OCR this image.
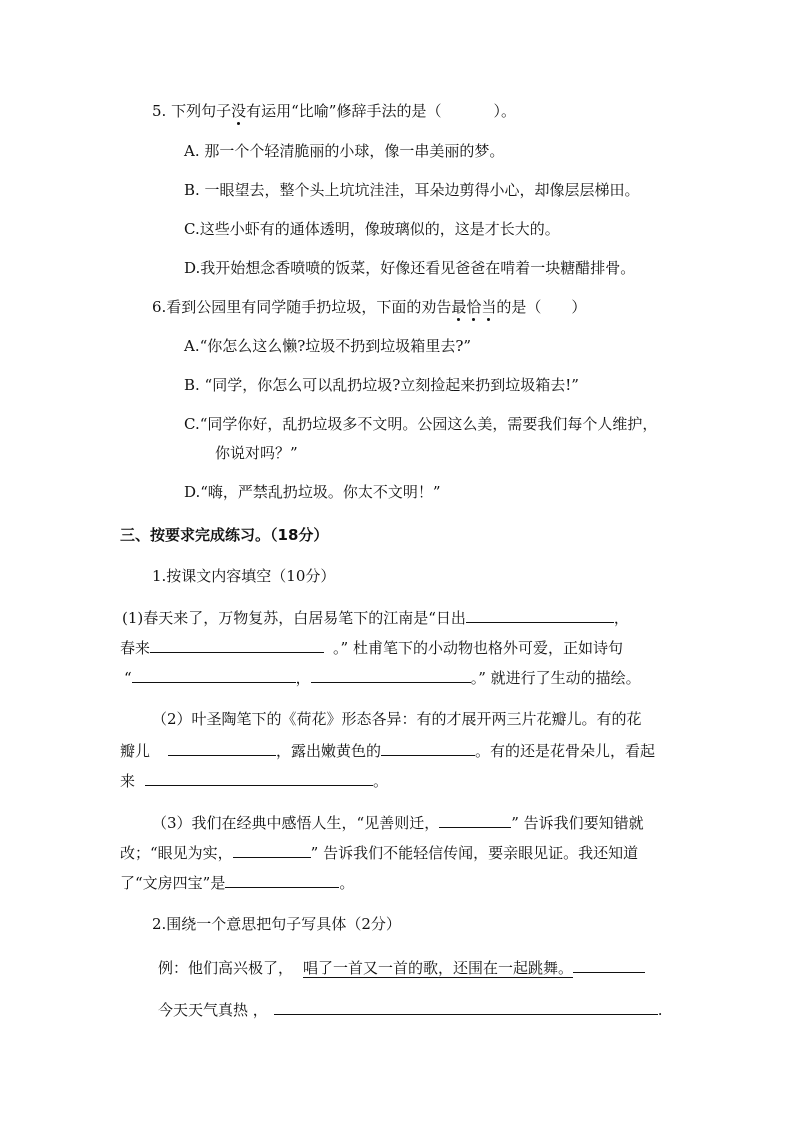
5. 下列句子没有运用“比喻”修辞手法的是（	）。
A. 那一个个轻清脆丽的小球，像一串美丽的梦。
B. 一眼望去，整个头上坑坑洼洼，耳朵边剪得小心，却像层层梯田。
C.这些小虾有的通体透明，像玻璃似的，这是才长大的。
D.我开始想念香喷喷的饭菜，好像还看见爸爸在啃着一块糖醋排骨。
6.看到公园里有同学随手扔垃圾，下面的劝告最恰当的是（ ）
A.“你怎么这么懒?垃圾不扔到垃圾箱里去?”
B. “同学，你怎么可以乱扔垃圾?立刻捡起来扔到垃圾箱去!”
C.“同学你好，乱扔垃圾多不文明。公园这么美，需要我们每个人维护，
你说对吗？”
D.“嗨，严禁乱扔垃圾。你太不文明！”
三、按要求完成练习。（18分）
1.按课文内容填空（10分）
(1)春天来了，万物复苏，白居易笔下的江南是“日出	，
春来	。” 杜甫笔下的小动物也格外可爱，正如诗句
“	，	。” 就进行了生动的描绘。
（2）叶圣陶笔下的《荷花》形态各异：有的才展开两三片花瓣儿。有的花
瓣儿	，露出嫩黄色的	。有的还是花骨朵儿，看起
来	。
（3）我们在经典中感悟人生，“见善则迁，	” 告诉我们要知错就
改；“眼见为实，	” 告诉我们不能轻信传闻，要亲眼见证。我还知道
了“文房四宝”是	。
2.围绕一个意思把句子写具体（2分）
例：他们高兴极了， 唱了一首又一首的歌，还围在一起跳舞。
今天天气真热 ，	.
